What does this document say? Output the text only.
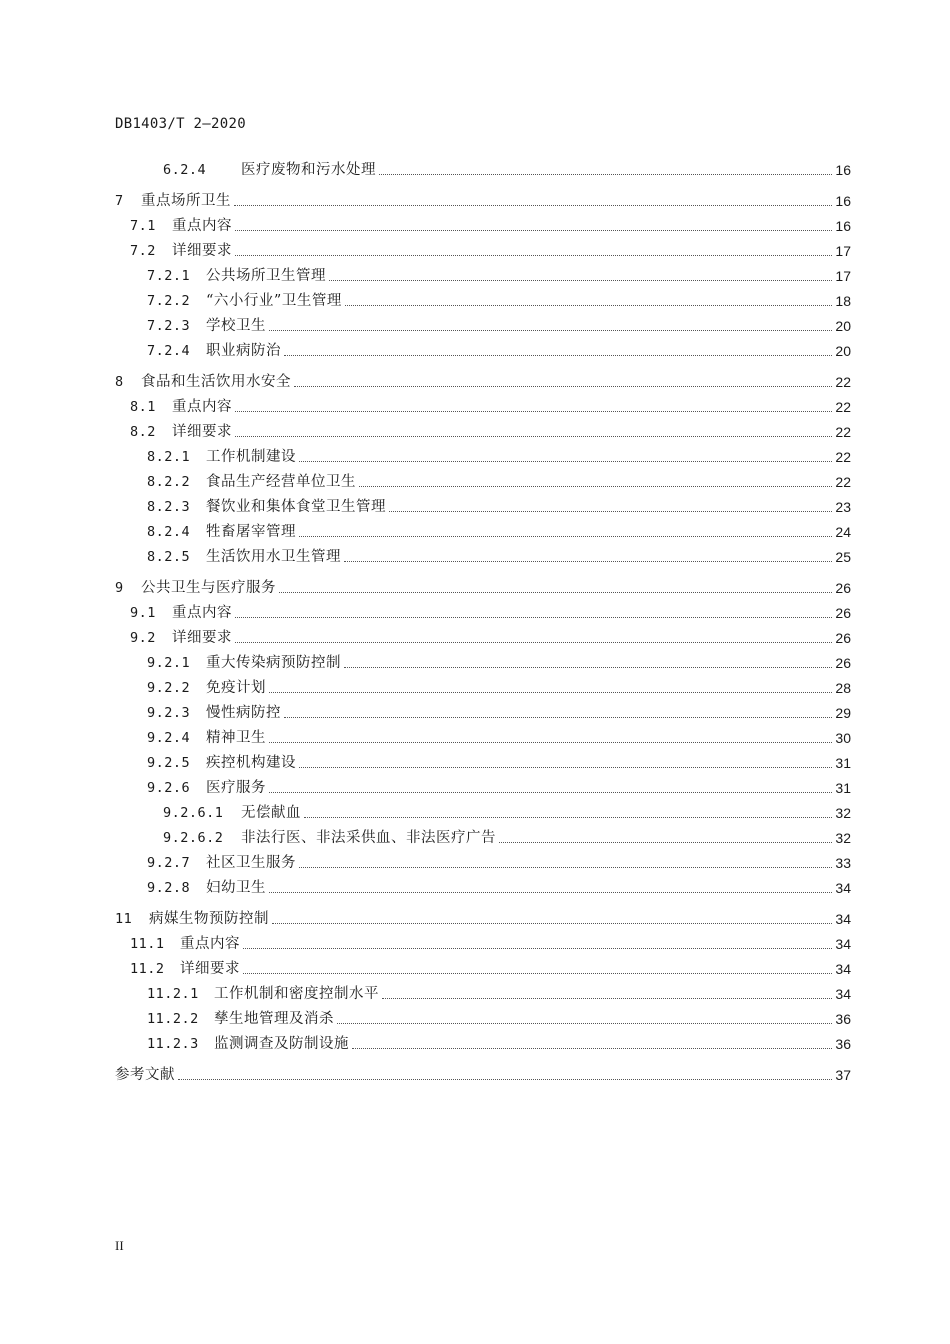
DB1403/T 2—2020
6.2.4	医疗废物和污水处理	16
7	重点场所卫生	16
7.1	重点内容	16
7.2	详细要求	17
7.2.1	公共场所卫生管理	17
7.2.2	“六小行业”卫生管理	18
7.2.3	学校卫生	20
7.2.4	职业病防治	20
8	食品和生活饮用水安全	22
8.1	重点内容	22
8.2	详细要求	22
8.2.1	工作机制建设	22
8.2.2	食品生产经营单位卫生	22
8.2.3	餐饮业和集体食堂卫生管理	23
8.2.4	牲畜屠宰管理	24
8.2.5	生活饮用水卫生管理	25
9	公共卫生与医疗服务	26
9.1	重点内容	26
9.2	详细要求	26
9.2.1	重大传染病预防控制	26
9.2.2	免疫计划	28
9.2.3	慢性病防控	29
9.2.4	精神卫生	30
9.2.5	疾控机构建设	31
9.2.6	医疗服务	31
9.2.6.1	无偿献血	32
9.2.6.2	非法行医、非法采供血、非法医疗广告	32
9.2.7	社区卫生服务	33
9.2.8	妇幼卫生	34
11	病媒生物预防控制	34
11.1	重点内容	34
11.2	详细要求	34
11.2.1	工作机制和密度控制水平	34
11.2.2	孳生地管理及消杀	36
11.2.3	监测调查及防制设施	36
参考文献	37
II
